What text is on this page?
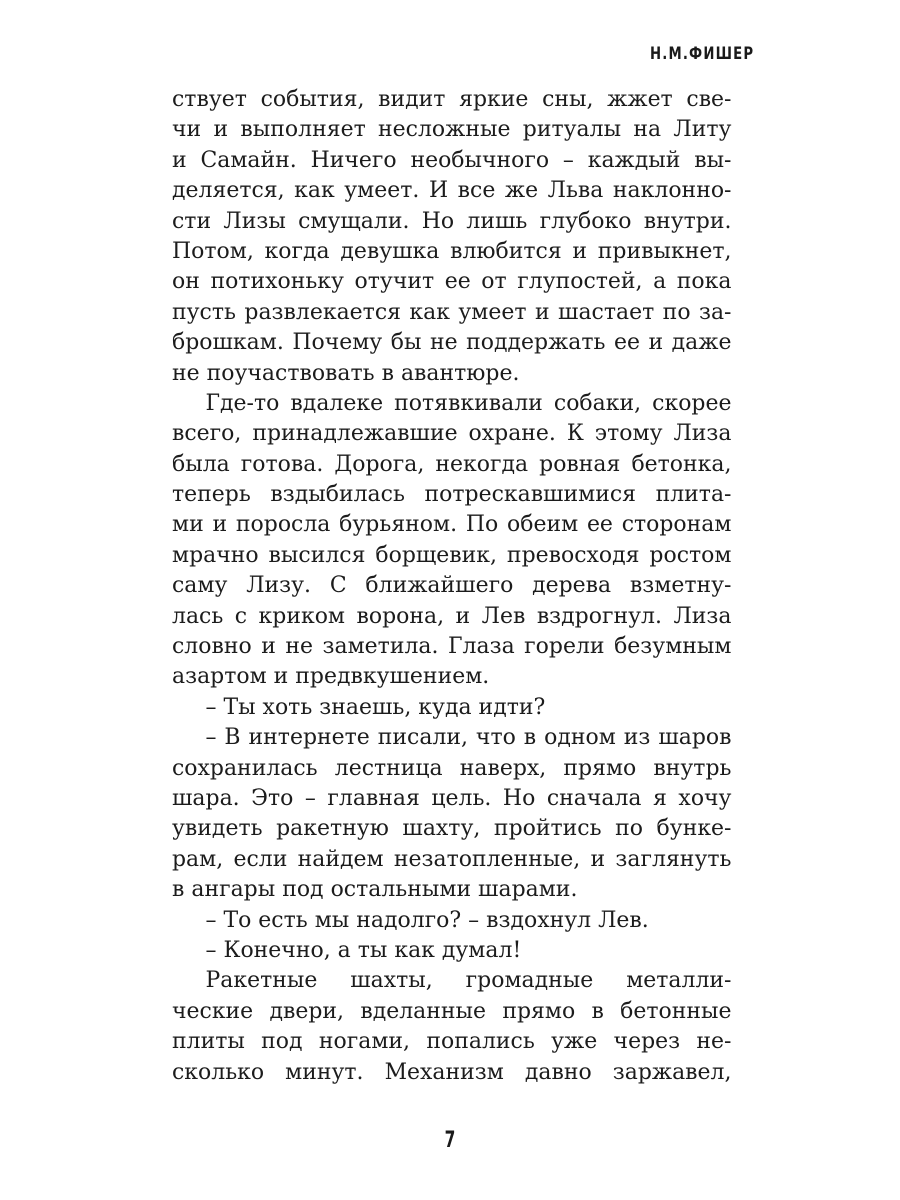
Н.М.ФИШЕР
ствует события, видит яркие сны, жжет све-
чи и выполняет несложные ритуалы на Литу
и Самайн. Ничего необычного – каждый вы-
деляется, как умеет. И все же Льва наклонно-
сти Лизы смущали. Но лишь глубоко внутри.
Потом, когда девушка влюбится и привыкнет,
он потихоньку отучит ее от глупостей, а пока
пусть развлекается как умеет и шастает по за-
брошкам. Почему бы не поддержать ее и даже
не поучаствовать в авантюре.
Где-то вдалеке потявкивали собаки, скорее
всего, принадлежавшие охране. К этому Лиза
была готова. Дорога, некогда ровная бетонка,
теперь вздыбилась потрескавшимися плита-
ми и поросла бурьяном. По обеим ее сторонам
мрачно высился борщевик, превосходя ростом
саму Лизу. С ближайшего дерева взметну-
лась с криком ворона, и Лев вздрогнул. Лиза
словно и не заметила. Глаза горели безумным
азартом и предвкушением.
– Ты хоть знаешь, куда идти?
– В интернете писали, что в одном из шаров
сохранилась лестница наверх, прямо внутрь
шара. Это – главная цель. Но сначала я хочу
увидеть ракетную шахту, пройтись по бунке-
рам, если найдем незатопленные, и заглянуть
в ангары под остальными шарами.
– То есть мы надолго? – вздохнул Лев.
– Конечно, а ты как думал!
Ракетные шахты, громадные металли-
ческие двери, вделанные прямо в бетонные
плиты под ногами, попались уже через не-
сколько минут. Механизм давно заржавел,
7
